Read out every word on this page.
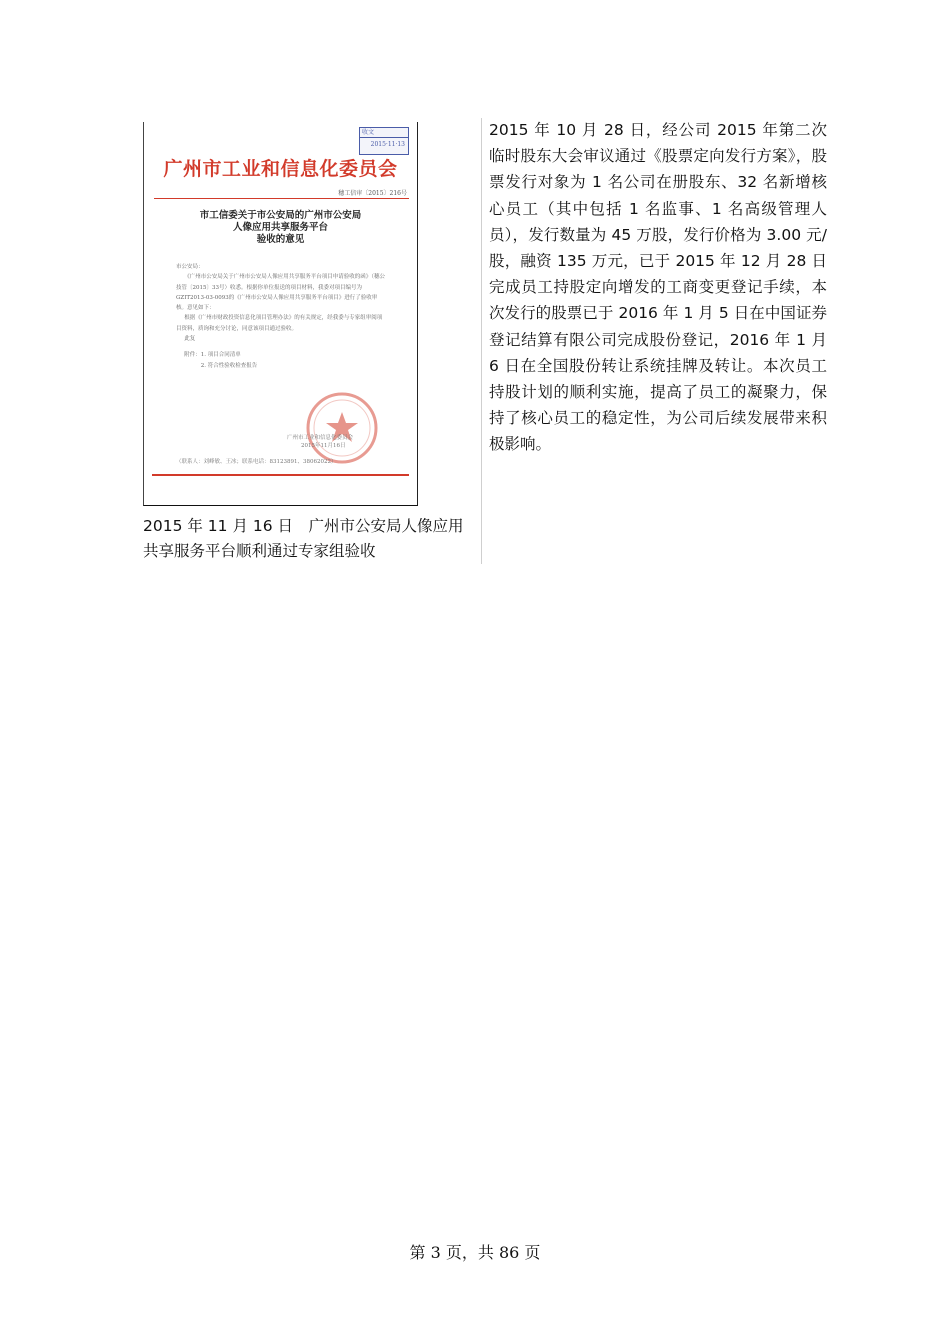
收文
2015·11·13
广州市工业和信息化委员会
穗工信审〔2015〕216号
市工信委关于市公安局的广州市公安局
人像应用共享服务平台
验收的意见

市公安局：

《广州市公安局关于广州市公安局人像应用共享服务平台项目申请验收的函》（穗公技管〔2015〕33号）收悉。根据你单位报送的项目材料，我委对项目编号为GZIT2013-03-0093的《广州市公安局人像应用共享服务平台项目》进行了验收审核。意见如下：

根据《广州市财政投资信息化项目管理办法》的有关规定，经我委与专家组审阅项目资料，质询和充分讨论，同意该项目通过验收。

此复

附件：1. 项目合同清单

2. 符合性验收检查报告

广州市工业和信息化委员会
2015年11月16日
（联系人：刘峰敏、王冰；联系电话：83123891、38062022）
2015 年 11 月 16 日　广州市公安局人像应用共享服务平台顺利通过专家组验收
2015 年 10 月 28 日，经公司 2015 年第二次临时股东大会审议通过《股票定向发行方案》，股票发行对象为 1 名公司在册股东、32 名新增核心员工（其中包括 1 名监事、1 名高级管理人员），发行数量为 45 万股，发行价格为 3.00 元/股，融资 135 万元，已于 2015 年 12 月 28 日完成员工持股定向增发的工商变更登记手续，本次发行的股票已于 2016 年 1 月 5 日在中国证券登记结算有限公司完成股份登记，2016 年 1 月 6 日在全国股份转让系统挂牌及转让。本次员工持股计划的顺利实施，提高了员工的凝聚力，保持了核心员工的稳定性，为公司后续发展带来积极影响。
第 3 页，共 86 页
